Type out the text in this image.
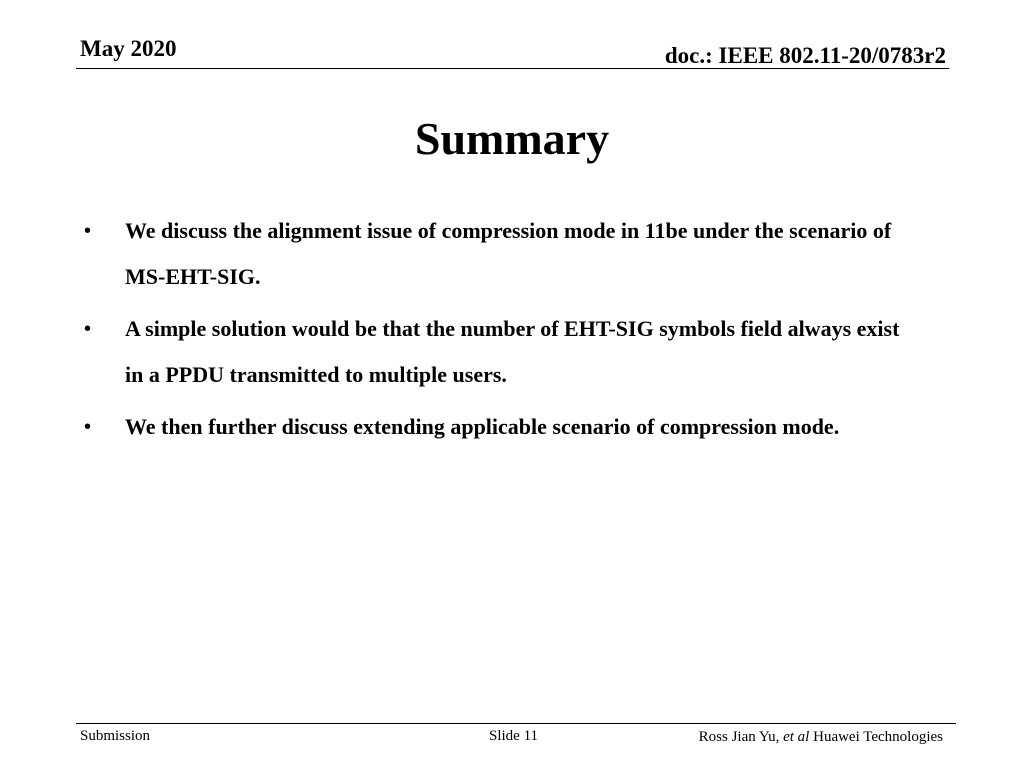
May 2020	doc.: IEEE 802.11-20/0783r2
Summary
• We discuss the alignment issue of compression mode in 11be under the scenario of MS-EHT-SIG.
• A simple solution would be that the number of EHT-SIG symbols field always exist in a PPDU transmitted to multiple users.
• We then further discuss extending applicable scenario of compression mode.
Submission	Slide 11	Ross Jian Yu, et al Huawei Technologies
